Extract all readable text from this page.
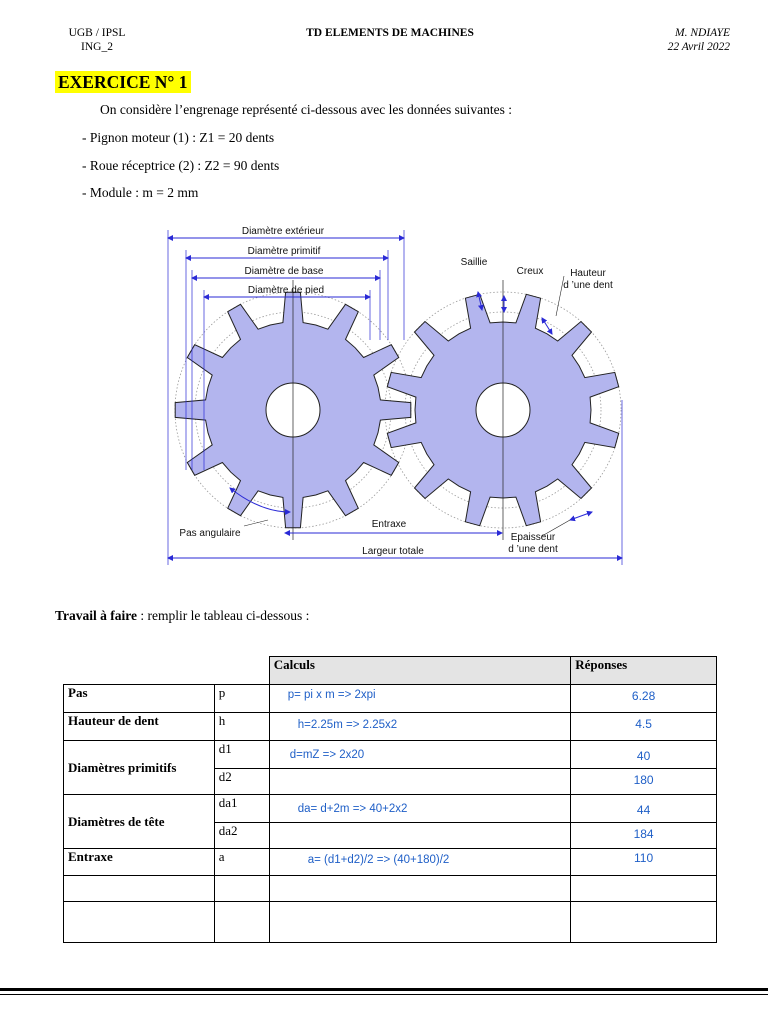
UGB / IPSL
ING_2
TD ELEMENTS DE MACHINES	M. NDIAYE
22 Avril 2022
EXERCICE N° 1
On considère l’engrenage représenté ci-dessous avec les données suivantes :
- Pignon moteur (1) : Z1 = 20 dents
- Roue réceptrice (2) : Z2 = 90 dents
- Module : m = 2 mm
Diamètre extérieur
Diamètre primitif
Diamètre de base
Diamètre de pied
Saillie
Creux	Hauteur d ’une dent
Pas angulaire
Entraxe
Epaisseur d ’une dent
Largeur totale
Travail à faire : remplir le tableau ci-dessous :
		Calculs	Réponses
Pas	p	p= pi x m => 2xpi	6.28
Hauteur de dent	h	h=2.25m => 2.25x2	4.5
Diamètres primitifs	d1	d=mZ => 2x20	40
	d2		180
Diamètres de tête	da1	da= d+2m => 40+2x2	44
	da2		184
Entraxe	a	a= (d1+d2)/2 => (40+180)/2	110
